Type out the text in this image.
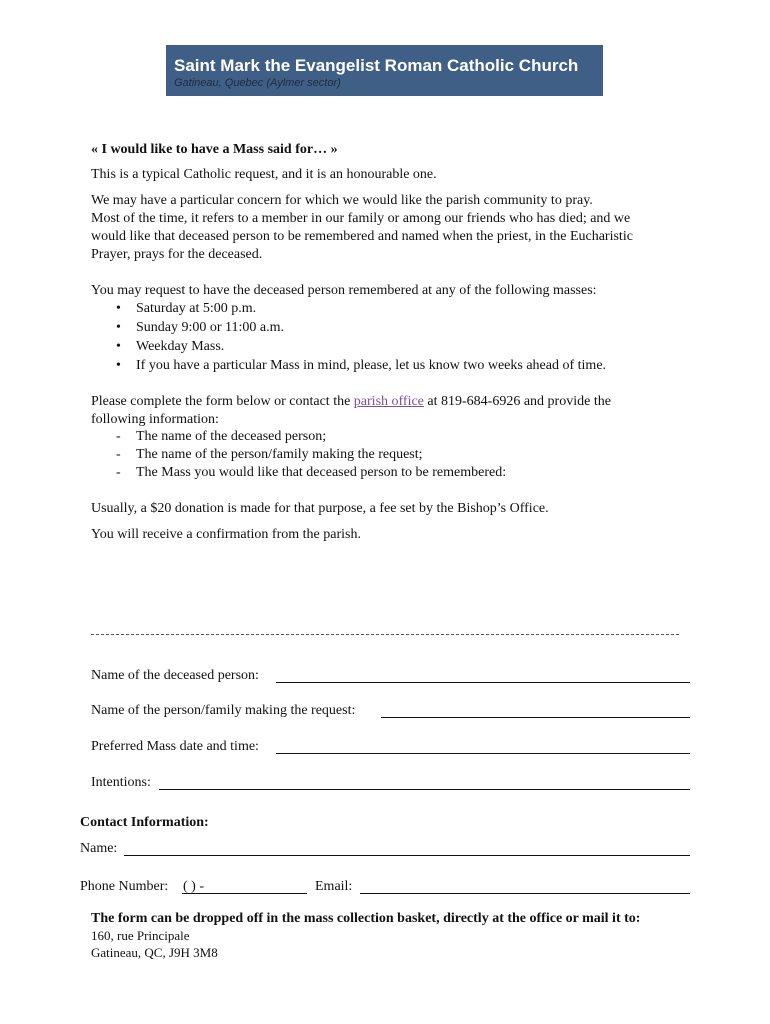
Saint Mark the Evangelist Roman Catholic Church
Gatineau, Quebec (Aylmer sector)
« I would like to have a Mass said for… »
This is a typical Catholic request, and it is an honourable one.
We may have a particular concern for which we would like the parish community to pray.
Most of the time, it refers to a member in our family or among our friends who has died; and we
would like that deceased person to be remembered and named when the priest, in the Eucharistic
Prayer, prays for the deceased.
You may request to have the deceased person remembered at any of the following masses:
• Saturday at 5:00 p.m.
• Sunday 9:00 or 11:00 a.m.
• Weekday Mass.
• If you have a particular Mass in mind, please, let us know two weeks ahead of time.
Please complete the form below or contact the parish office at 819-684-6926 and provide the
following information:
- The name of the deceased person;
- The name of the person/family making the request;
- The Mass you would like that deceased person to be remembered:
Usually, a $20 donation is made for that purpose, a fee set by the Bishop’s Office.
You will receive a confirmation from the parish.
Name of the deceased person:
Name of the person/family making the request:
Preferred Mass date and time:
Intentions:
Contact Information:
Name:
Phone Number: ( ) -	Email:
The form can be dropped off in the mass collection basket, directly at the office or mail it to:
160, rue Principale
Gatineau, QC, J9H 3M8
